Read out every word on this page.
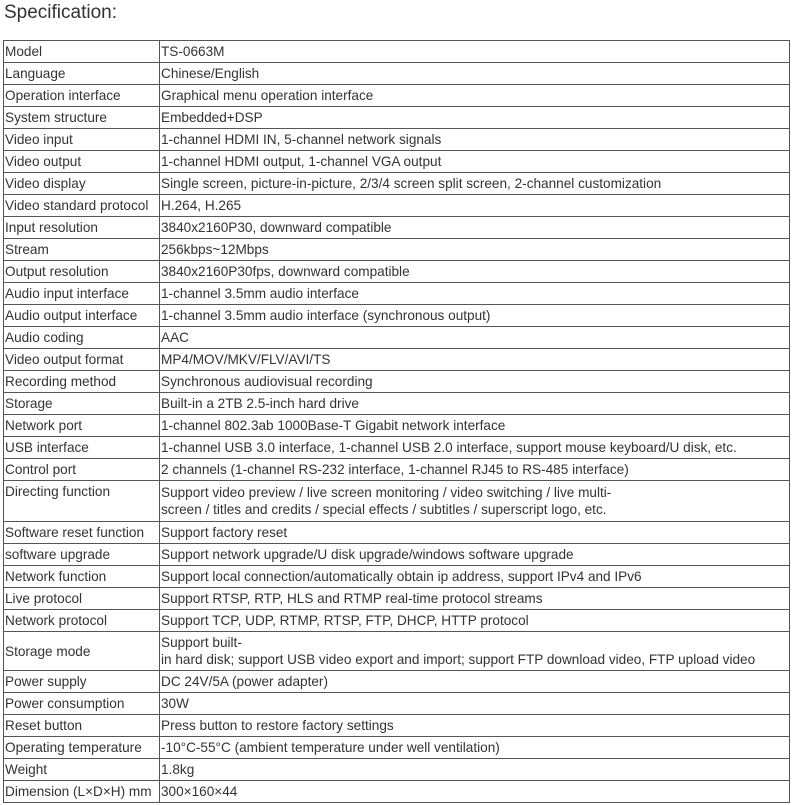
Specification:
Model	TS-0663M
Language	Chinese/English
Operation interface	Graphical menu operation interface
System structure	Embedded+DSP
Video input	1-channel HDMI IN, 5-channel network signals
Video output	1-channel HDMI output, 1-channel VGA output
Video display	Single screen, picture-in-picture, 2/3/4 screen split screen, 2-channel customization
Video standard protocol	H.264, H.265
Input resolution	3840x2160P30, downward compatible
Stream	256kbps~12Mbps
Output resolution	3840x2160P30fps, downward compatible
Audio input interface	1-channel 3.5mm audio interface
Audio output interface	1-channel 3.5mm audio interface (synchronous output)
Audio coding	AAC
Video output format	MP4/MOV/MKV/FLV/AVI/TS
Recording method	Synchronous audiovisual recording
Storage	Built-in a 2TB 2.5-inch hard drive
Network port	1-channel 802.3ab 1000Base-T Gigabit network interface
USB interface	1-channel USB 3.0 interface, 1-channel USB 2.0 interface, support mouse keyboard/U disk, etc.
Control port	2 channels (1-channel RS-232 interface, 1-channel RJ45 to RS-485 interface)
Directing function	Support video preview / live screen monitoring / video switching / live multi-
screen / titles and credits / special effects / subtitles / superscript logo, etc.

Software reset function	Support factory reset
software upgrade	Support network upgrade/U disk upgrade/windows software upgrade
Network function	Support local connection/automatically obtain ip address, support IPv4 and IPv6
Live protocol	Support RTSP, RTP, HLS and RTMP real-time protocol streams
Network protocol	Support TCP, UDP, RTMP, RTSP, FTP, DHCP, HTTP protocol
Storage mode	Support built-
in hard disk; support USB video export and import; support FTP download video, FTP upload video

Power supply	DC 24V/5A (power adapter)
Power consumption	30W
Reset button	Press button to restore factory settings
Operating temperature	-10°C-55°C (ambient temperature under well ventilation)
Weight	1.8kg
Dimension (L×D×H) mm	300×160×44
